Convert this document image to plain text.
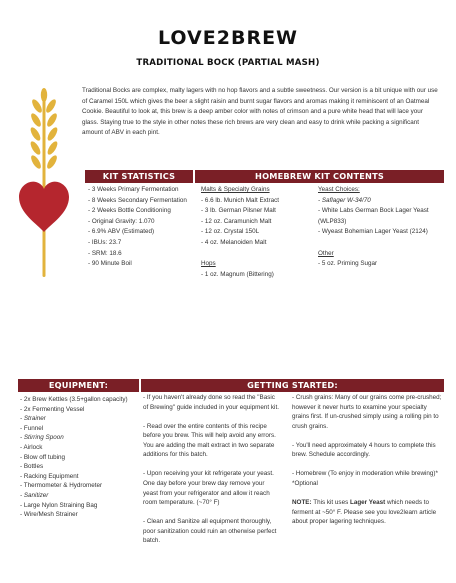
LOVE2BREW
TRADITIONAL BOCK (PARTIAL MASH)
Traditional Bocks are complex, malty lagers with no hop flavors and a subtle sweetness. Our version is a bit unique with our use of Caramel 150L which gives the beer a slight raisin and burnt sugar flavors and aromas making it reminiscent of an Oatmeal Cookie. Beautiful to look at, this brew is a deep amber color with notes of crimson and a pure white head that will lace your glass. Staying true to the style in other notes these rich brews are very clean and easy to drink while packing a significant amount of ABV in each pint.
KIT STATISTICS	HOMEBREW KIT CONTENTS
- 3 Weeks Primary Fermentation
- 8 Weeks Secondary Fermentation
- 2 Weeks Bottle Conditioning
- Original Gravity: 1.070
- 6.9% ABV (Estimated)
- IBUs: 23.7
- SRM: 18.6
- 90 Minute Boil
Malts & Specialty Grains
- 6.6 lb. Munich Malt Extract
- 3 lb. German Pilsner Malt
- 12 oz. Caramunich Malt
- 12 oz. Crystal 150L
- 4 oz. Melanoiden Malt
Hops
- 1 oz. Magnum (Bittering)
Yeast Choices:
- Saflager W-34/70
- White Labs German Bock Lager Yeast (WLP833)
- Wyeast Bohemian Lager Yeast (2124)
Other
- 5 oz. Priming Sugar
EQUIPMENT:	GETTING STARTED:
- 2x Brew Kettles (3.5+gallon capacity)
- 2x Fermenting Vessel
- Strainer
- Funnel
- Stirring Spoon
- Airlock
- Blow off tubing
- Bottles
- Racking Equipment
- Thermometer & Hydrometer
- Sanitizer
- Large Nylon Straining Bag
- Wire/Mesh Strainer
- If you haven't already done so read the "Basic of Brewing" guide included in your equipment kit.
- Read over the entire contents of this recipe before you brew. This will help avoid any errors. You are adding the malt extract in two separate additions for this batch.
- Upon receiving your kit refrigerate your yeast. One day before your brew day remove your yeast from your refrigerator and allow it reach room temperature. (~70° F)
- Clean and Sanitize all equipment thoroughly, poor sanitization could ruin an otherwise perfect batch.
- Crush grains: Many of our grains come pre-crushed; however it never hurts to examine your specialty grains first. If un-crushed simply using a rolling pin to crush grains.
- You'll need approximately 4 hours to complete this brew. Schedule accordingly.
- Homebrew (To enjoy in moderation while brewing)* *Optional
NOTE: This kit uses Lager Yeast which needs to ferment at ~50° F. Please see you love2learn article about proper lagering techniques.
